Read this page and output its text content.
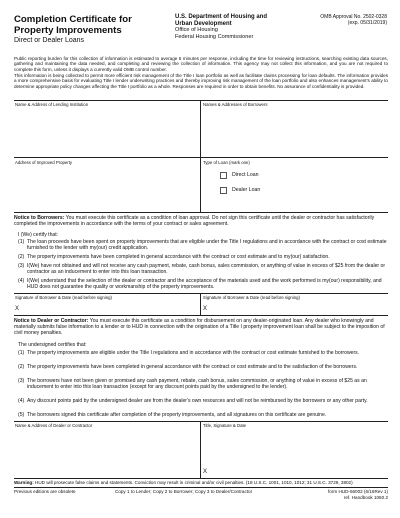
Completion Certificate for Property Improvements
Direct or Dealer Loans
U.S. Department of Housing and Urban Development
Office of Housing
Federal Housing Commissioner
OMB Approval No. 2502-0328
(exp. 05/31/2019)
Public reporting burden for this collection of information is estimated to average 6 minutes per response, including the time for reviewing instructions, searching existing data sources, gathering and maintaining the data needed, and completing and reviewing the collection of information. This agency may not collect this information, and you are not required to complete this form, unless it displays a currently valid OMB control number.
This information is being collected to permit more efficient risk management of the Title I loan portfolio as well as facilitate claims processing for loan defaults. The information provides a more comprehensive basis for evaluating Title I lender underwriting practices and thereby improving risk management of the loan portfolio and also enhances management's ability to determine appropriate policy changes affecting the Title I portfolio as a whole. Responses are required in order to obtain benefits. No assurance of confidentiality is provided.
Name & Address of Lending Institution	Names & Addresses of Borrowers
Address of Improved Property	Type of Loan (mark one)
Direct Loan
Dealer Loan
Notice to Borrowers: You must execute this certificate as a condition of loan approval. Do not sign this certificate until the dealer or contractor has satisfactorily completed the improvements in accordance with the terms of your contract or sales agreement.
I (We) certify that:
(1) The loan proceeds have been spent on property improvements that are eligible under the Title I regulations and in accordance with the contract or cost estimate furnished to the lender with my(our) credit application.
(2) The property improvements have been completed in general accordance with the contract or cost estimate and to my(our) satisfaction.
(3) I(We) have not obtained and will not receive any cash payment, rebate, cash bonus, sales commission, or anything of value in excess of $25 from the dealer or contractor as an inducement to enter into this loan transaction.
(4) I(We) understand that the selection of the dealer or contractor and the acceptance of the materials used and the work performed is my(our) responsibility, and HUD does not guarantee the quality or workmanship of the property improvements.
Signature of Borrower & Date (read before signing)
X
Signature of Borrower & Date (read before signing)
X
Notice to Dealer or Contractor: You must execute this certificate as a condition for disbursement on any dealer-originated loan. Any dealer who knowingly and materially submits false information to a lender or to HUD in connection with the origination of a Title I property improvement loan shall be subject to the imposition of civil money penalties.
The undersigned certifies that:
(1) The property improvements are eligible under the Title I regulations and in accordance with the contract or cost estimate furnished to the borrowers.
(2) The property improvements have been completed in general accordance with the contract or cost estimate and to the satisfaction of the borrowers.
(3) The borrowers have not been given or promised any cash payment, rebate, cash bonus, sales commission, or anything of value in excess of $25 as an inducement to enter into this loan transaction (except for any discount points paid by the undersigned to the lender).
(4) Any discount points paid by the undersigned dealer are from the dealer's own resources and will not be reimbursed by the borrowers or any other party.
(5) The borrowers signed this certificate after completion of the property improvements, and all signatures on this certificate are genuine.
Name & Address of Dealer or Contractor	Title, Signature & Date
X
Warning: HUD will prosecute false claims and statements. Conviction may result in criminal and/or civil penalties. (18 U.S.C. 1001, 1010, 1012; 31 U.S.C. 3729, 3802)
Previous editions are obsolete	Copy 1 to Lender; Copy 2 to Borrower; Copy 3 to Dealer/Contractor	form HUD-56002 (6/16Rev 1)
ref. Handbook 1060.2
